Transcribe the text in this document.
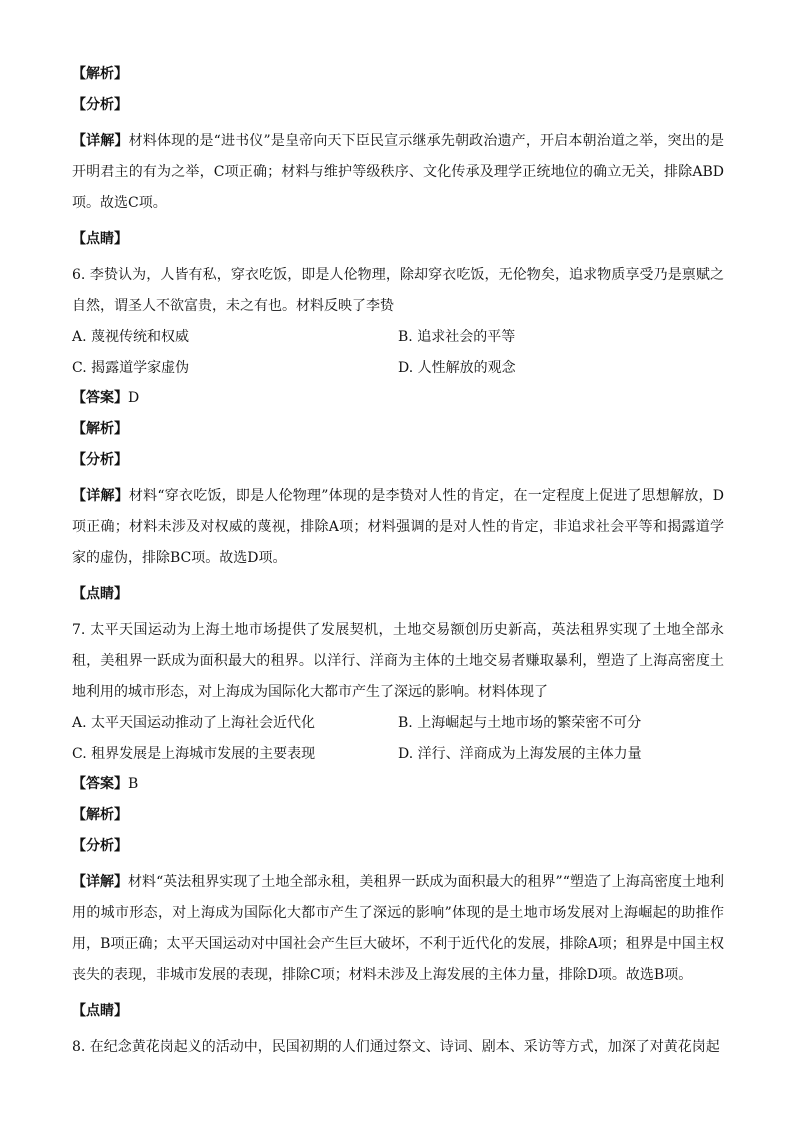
【解析】
【分析】
【详解】材料体现的是“进书仪”是皇帝向天下臣民宣示继承先朝政治遗产，开启本朝治道之举，突出的是开明君主的有为之举，C项正确；材料与维护等级秩序、文化传承及理学正统地位的确立无关，排除ABD项。故选C项。
【点睛】
6. 李贽认为，人皆有私，穿衣吃饭，即是人伦物理，除却穿衣吃饭，无伦物矣，追求物质享受乃是禀赋之自然，谓圣人不欲富贵，未之有也。材料反映了李贽
A. 蔑视传统和权威	B. 追求社会的平等
C. 揭露道学家虚伪	D. 人性解放的观念
【答案】D
【解析】
【分析】
【详解】材料“穿衣吃饭，即是人伦物理”体现的是李贽对人性的肯定，在一定程度上促进了思想解放，D项正确；材料未涉及对权威的蔑视，排除A项；材料强调的是对人性的肯定，非追求社会平等和揭露道学家的虚伪，排除BC项。故选D项。
【点睛】
7. 太平天国运动为上海土地市场提供了发展契机，土地交易额创历史新高，英法租界实现了土地全部永租，美租界一跃成为面积最大的租界。以洋行、洋商为主体的土地交易者赚取暴利，塑造了上海高密度土地利用的城市形态，对上海成为国际化大都市产生了深远的影响。材料体现了
A. 太平天国运动推动了上海社会近代化	B. 上海崛起与土地市场的繁荣密不可分
C. 租界发展是上海城市发展的主要表现	D. 洋行、洋商成为上海发展的主体力量
【答案】B
【解析】
【分析】
【详解】材料“英法租界实现了土地全部永租，美租界一跃成为面积最大的租界”“塑造了上海高密度土地利用的城市形态，对上海成为国际化大都市产生了深远的影响”体现的是土地市场发展对上海崛起的助推作用，B项正确；太平天国运动对中国社会产生巨大破坏，不利于近代化的发展，排除A项；租界是中国主权丧失的表现，非城市发展的表现，排除C项；材料未涉及上海发展的主体力量，排除D项。故选B项。
【点睛】
8. 在纪念黄花岗起义的活动中，民国初期的人们通过祭文、诗词、剧本、采访等方式，加深了对黄花岗起
